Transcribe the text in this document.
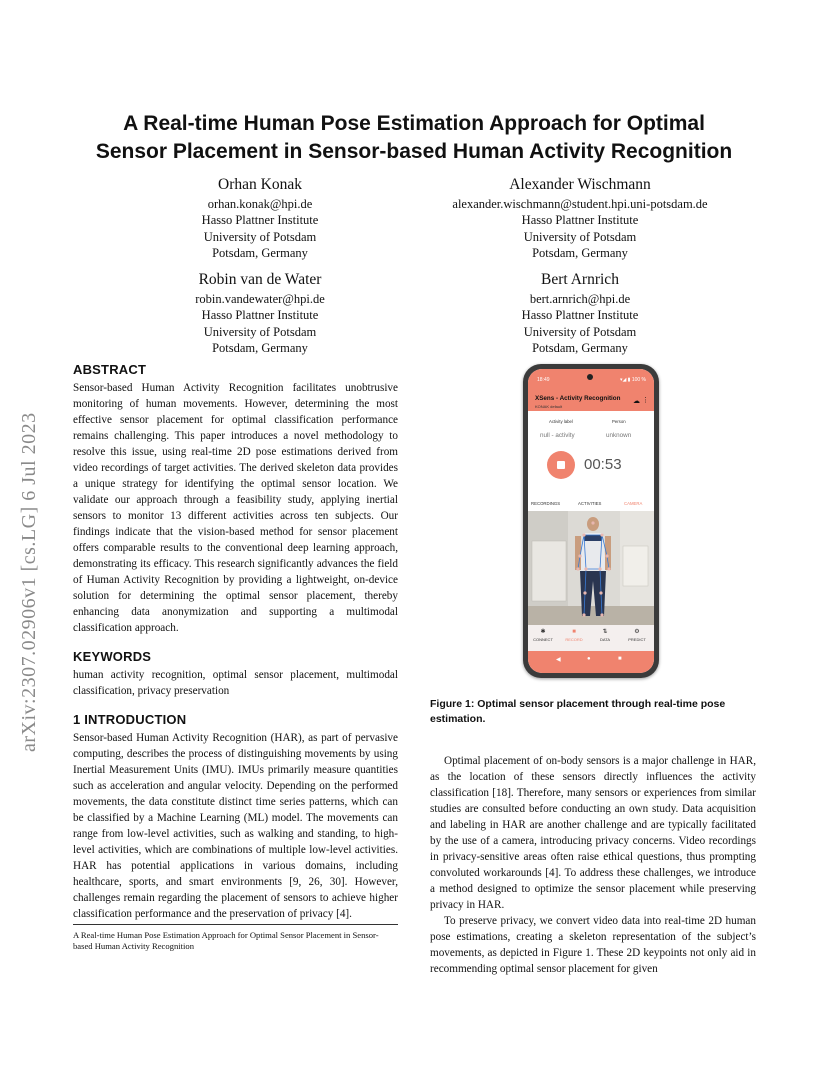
A Real-time Human Pose Estimation Approach for Optimal
Sensor Placement in Sensor-based Human Activity Recognition
Orhan Konak
orhan.konak@hpi.de
Hasso Plattner Institute
University of Potsdam
Potsdam, Germany
Alexander Wischmann
alexander.wischmann@student.hpi.uni-potsdam.de
Hasso Plattner Institute
University of Potsdam
Potsdam, Germany
Robin van de Water
robin.vandewater@hpi.de
Hasso Plattner Institute
University of Potsdam
Potsdam, Germany
Bert Arnrich
bert.arnrich@hpi.de
Hasso Plattner Institute
University of Potsdam
Potsdam, Germany
arXiv:2307.02906v1 [cs.LG] 6 Jul 2023
ABSTRACT

Sensor-based Human Activity Recognition facilitates unobtrusive monitoring of human movements. However, determining the most effective sensor placement for optimal classification performance remains challenging. This paper introduces a novel methodology to resolve this issue, using real-time 2D pose estimations derived from video recordings of target activities. The derived skeleton data provides a unique strategy for identifying the optimal sensor location. We validate our approach through a feasibility study, applying inertial sensors to monitor 13 different activities across ten subjects. Our findings indicate that the vision-based method for sensor placement offers comparable results to the conventional deep learning approach, demonstrating its efficacy. This research significantly advances the field of Human Activity Recognition by providing a lightweight, on-device solution for determining the optimal sensor placement, thereby enhancing data anonymization and supporting a multimodal classification approach.

KEYWORDS

human activity recognition, optimal sensor placement, multimodal classification, privacy preservation

1 INTRODUCTION

Sensor-based Human Activity Recognition (HAR), as part of pervasive computing, describes the process of distinguishing movements by using Inertial Measurement Units (IMU). IMUs primarily measure quantities such as acceleration and angular velocity. Depending on the performed movements, the data constitute distinct time series patterns, which can be classified by a Machine Learning (ML) model. The movements can range from low-level activities, such as walking and standing, to high-level activities, which are combinations of multiple low-level activities. HAR has potential applications in various domains, including healthcare, sports, and smart environments [9, 26, 30]. However, challenges remain regarding the placement of sensors to achieve higher classification performance and the preservation of privacy [4].

A Real-time Human Pose Estimation Approach for Optimal Sensor Placement in Sensor-based Human Activity Recognition
18:49	▾◢ ▮ 100 %
XSens - Activity Recognition
KONAK default
☁ ⋮
Activity label	Person
null - activity	unknown
00:53
RECORDINGS	ACTIVITIES	CAMERA
✱
CONNECT
■
RECORD
⇅
DATA
⚙
PREDICT
◀	●	■
Figure 1: Optimal sensor placement through real-time pose estimation.

Optimal placement of on-body sensors is a major challenge in HAR, as the location of these sensors directly influences the activity classification [18]. Therefore, many sensors or experiences from similar studies are consulted before conducting an own study. Data acquisition and labeling in HAR are another challenge and are typically facilitated by the use of a camera, introducing privacy concerns. Video recordings in privacy-sensitive areas often raise ethical questions, thus prompting convoluted workarounds [4]. To address these challenges, we introduce a method designed to optimize the sensor placement while preserving privacy in HAR.

To preserve privacy, we convert video data into real-time 2D human pose estimations, creating a skeleton representation of the subject’s movements, as depicted in Figure 1. These 2D keypoints not only aid in recommending optimal sensor placement for given
